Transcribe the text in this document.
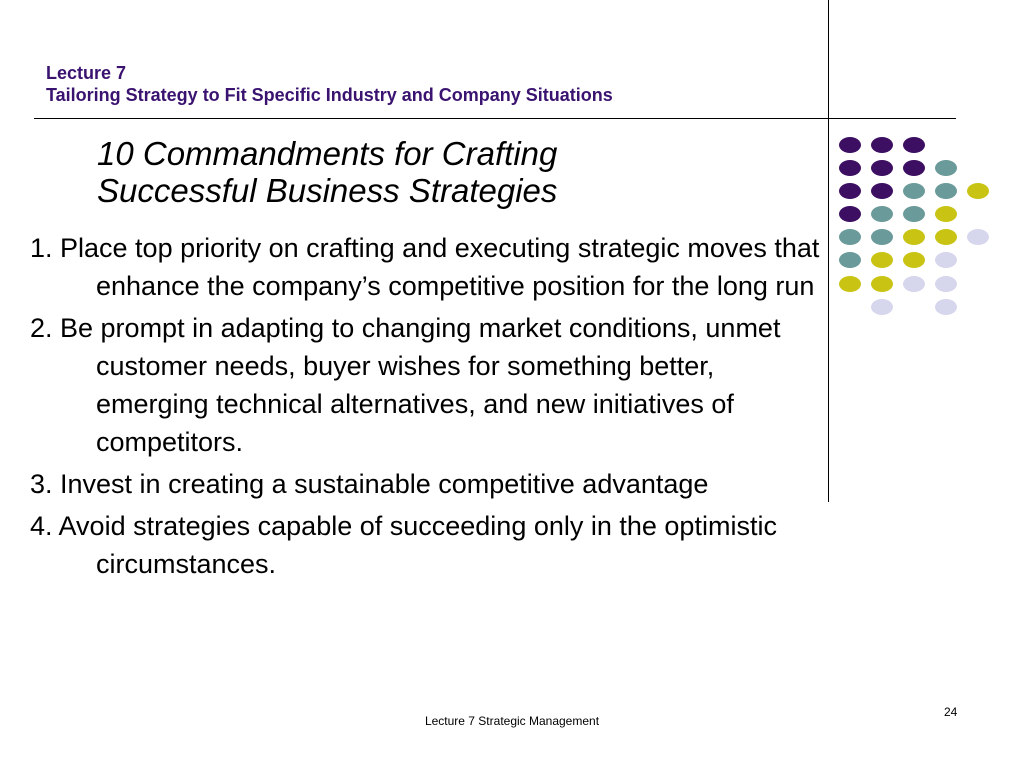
Lecture 7
Tailoring Strategy to Fit Specific Industry and Company Situations
10 Commandments for Crafting
Successful Business Strategies
1. Place top priority on crafting and executing strategic moves that enhance the company’s competitive position for the long run
2. Be prompt in adapting to changing market conditions, unmet customer needs, buyer wishes for something better, emerging technical alternatives, and new initiatives of competitors.
3. Invest in creating a sustainable competitive advantage
4. Avoid strategies capable of succeeding only in the optimistic circumstances.
Lecture 7 Strategic Management
24
